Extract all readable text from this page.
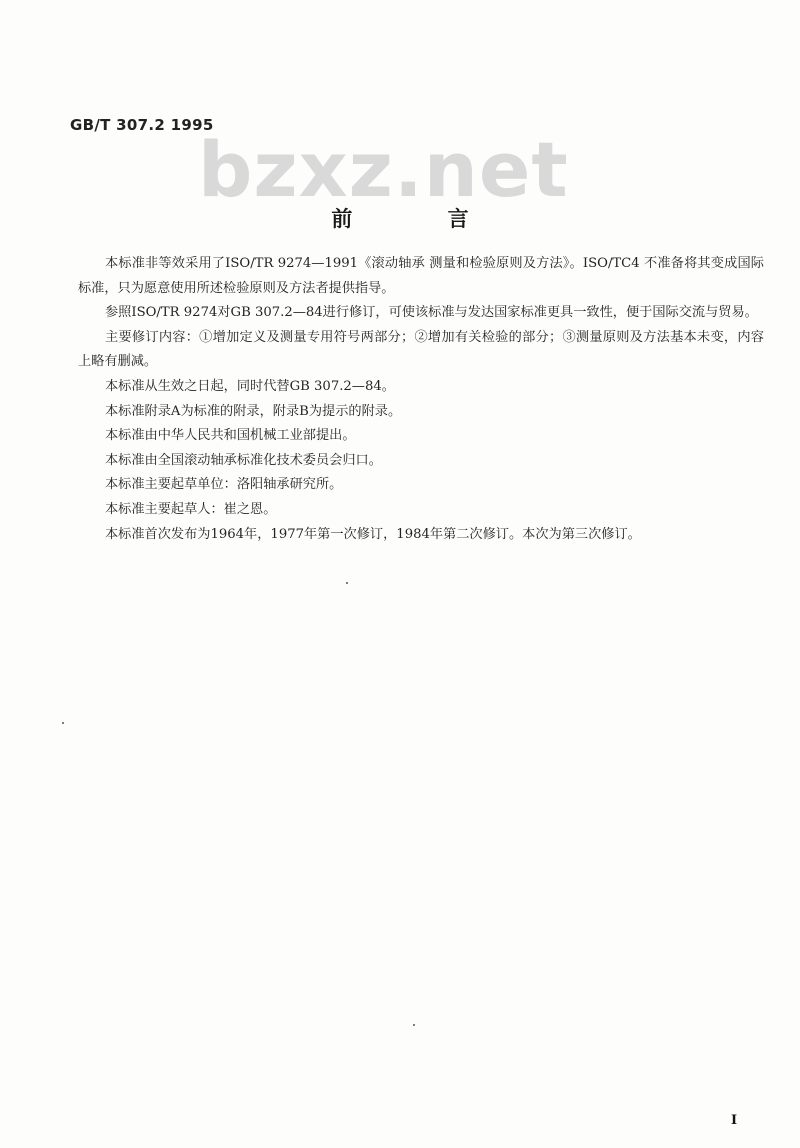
GB/T 307.2 1995
bzxz.net
前 言

本标准非等效采用了ISO/TR 9274—1991《滚动轴承 测量和检验原则及方法》。ISO/TC4 不准备将其变成国际标准，只为愿意使用所述检验原则及方法者提供指导。

参照ISO/TR 9274对GB 307.2—84进行修订，可使该标准与发达国家标准更具一致性，便于国际交流与贸易。

主要修订内容：①增加定义及测量专用符号两部分；②增加有关检验的部分；③测量原则及方法基本未变，内容上略有删减。

本标准从生效之日起，同时代替GB 307.2—84。

本标准附录A为标准的附录，附录B为提示的附录。

本标准由中华人民共和国机械工业部提出。

本标准由全国滚动轴承标准化技术委员会归口。

本标准主要起草单位：洛阳轴承研究所。

本标准主要起草人：崔之恩。

本标准首次发布为1964年，1977年第一次修订，1984年第二次修订。本次为第三次修订。

I
